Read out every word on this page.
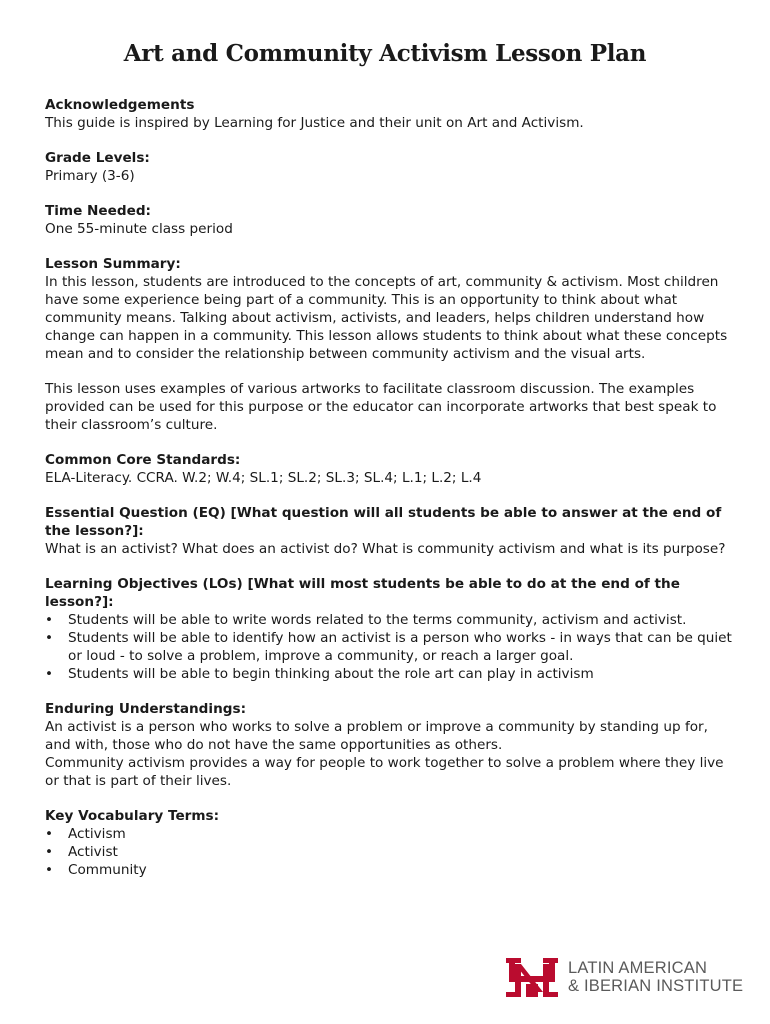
Art and Community Activism Lesson Plan
Acknowledgements

This guide is inspired by Learning for Justice and their unit on Art and Activism.

Grade Levels:

Primary (3-6)

Time Needed:

One 55-minute class period

Lesson Summary:

In this lesson, students are introduced to the concepts of art, community & activism. Most children have some experience being part of a community. This is an opportunity to think about what community means. Talking about activism, activists, and leaders, helps children understand how change can happen in a community. This lesson allows students to think about what these concepts mean and to consider the relationship between community activism and the visual arts.

This lesson uses examples of various artworks to facilitate classroom discussion. The examples provided can be used for this purpose or the educator can incorporate artworks that best speak to their classroom’s culture.

Common Core Standards:

ELA-Literacy. CCRA. W.2; W.4; SL.1; SL.2; SL.3; SL.4; L.1; L.2; L.4

Essential Question (EQ) [What question will all students be able to answer at the end of the lesson?]:

What is an activist? What does an activist do? What is community activism and what is its purpose?

Learning Objectives (LOs) [What will most students be able to do at the end of the lesson?]:
• Students will be able to write words related to the terms community, activism and activist.
• Students will be able to identify how an activist is a person who works - in ways that can be quiet or loud - to solve a problem, improve a community, or reach a larger goal.
• Students will be able to begin thinking about the role art can play in activism
Enduring Understandings:

An activist is a person who works to solve a problem or improve a community by standing up for, and with, those who do not have the same opportunities as others.

Community activism provides a way for people to work together to solve a problem where they live or that is part of their lives.

Key Vocabulary Terms:
• Activism
• Activist
• Community
LATIN AMERICAN
& IBERIAN INSTITUTE
